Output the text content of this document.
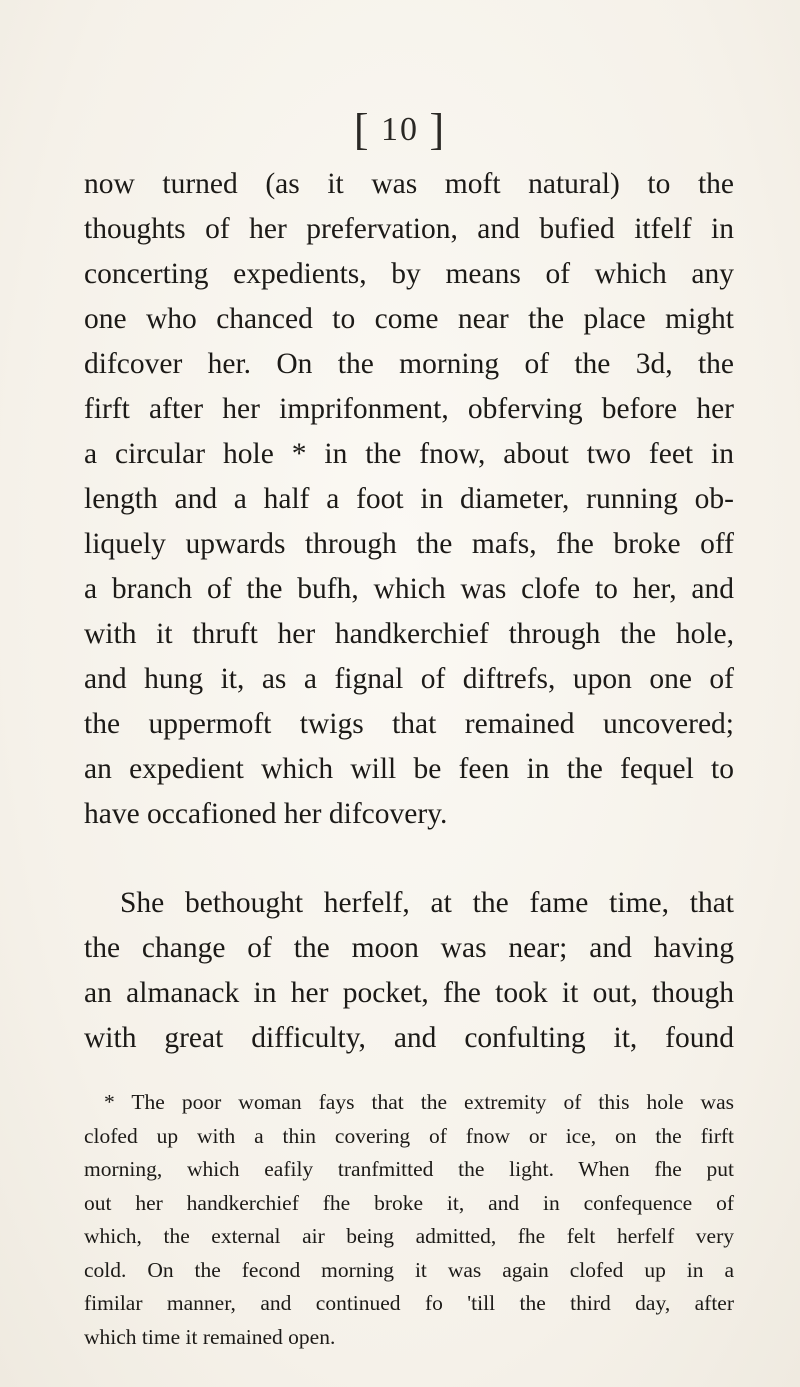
[ 10 ]
now turned (as it was moft natural) to the
thoughts of her prefervation, and bufied itfelf in
concerting expedients, by means of which any
one who chanced to come near the place might
difcover her. On the morning of the 3d, the
firft after her imprifonment, obferving before her
a circular hole * in the fnow, about two feet in
length and a half a foot in diameter, running ob-
liquely upwards through the mafs, fhe broke off
a branch of the bufh, which was clofe to her, and
with it thruft her handkerchief through the hole,
and hung it, as a fignal of diftrefs, upon one of
the uppermoft twigs that remained uncovered;
an expedient which will be feen in the fequel to
have occafioned her difcovery.
She bethought herfelf, at the fame time, that
the change of the moon was near; and having
an almanack in her pocket, fhe took it out, though
with great difficulty, and confulting it, found
* The poor woman fays that the extremity of this hole was
clofed up with a thin covering of fnow or ice, on the firft
morning, which eafily tranfmitted the light. When fhe put
out her handkerchief fhe broke it, and in confequence of
which, the external air being admitted, fhe felt herfelf very
cold. On the fecond morning it was again clofed up in a
fimilar manner, and continued fo 'till the third day, after
which time it remained open.
